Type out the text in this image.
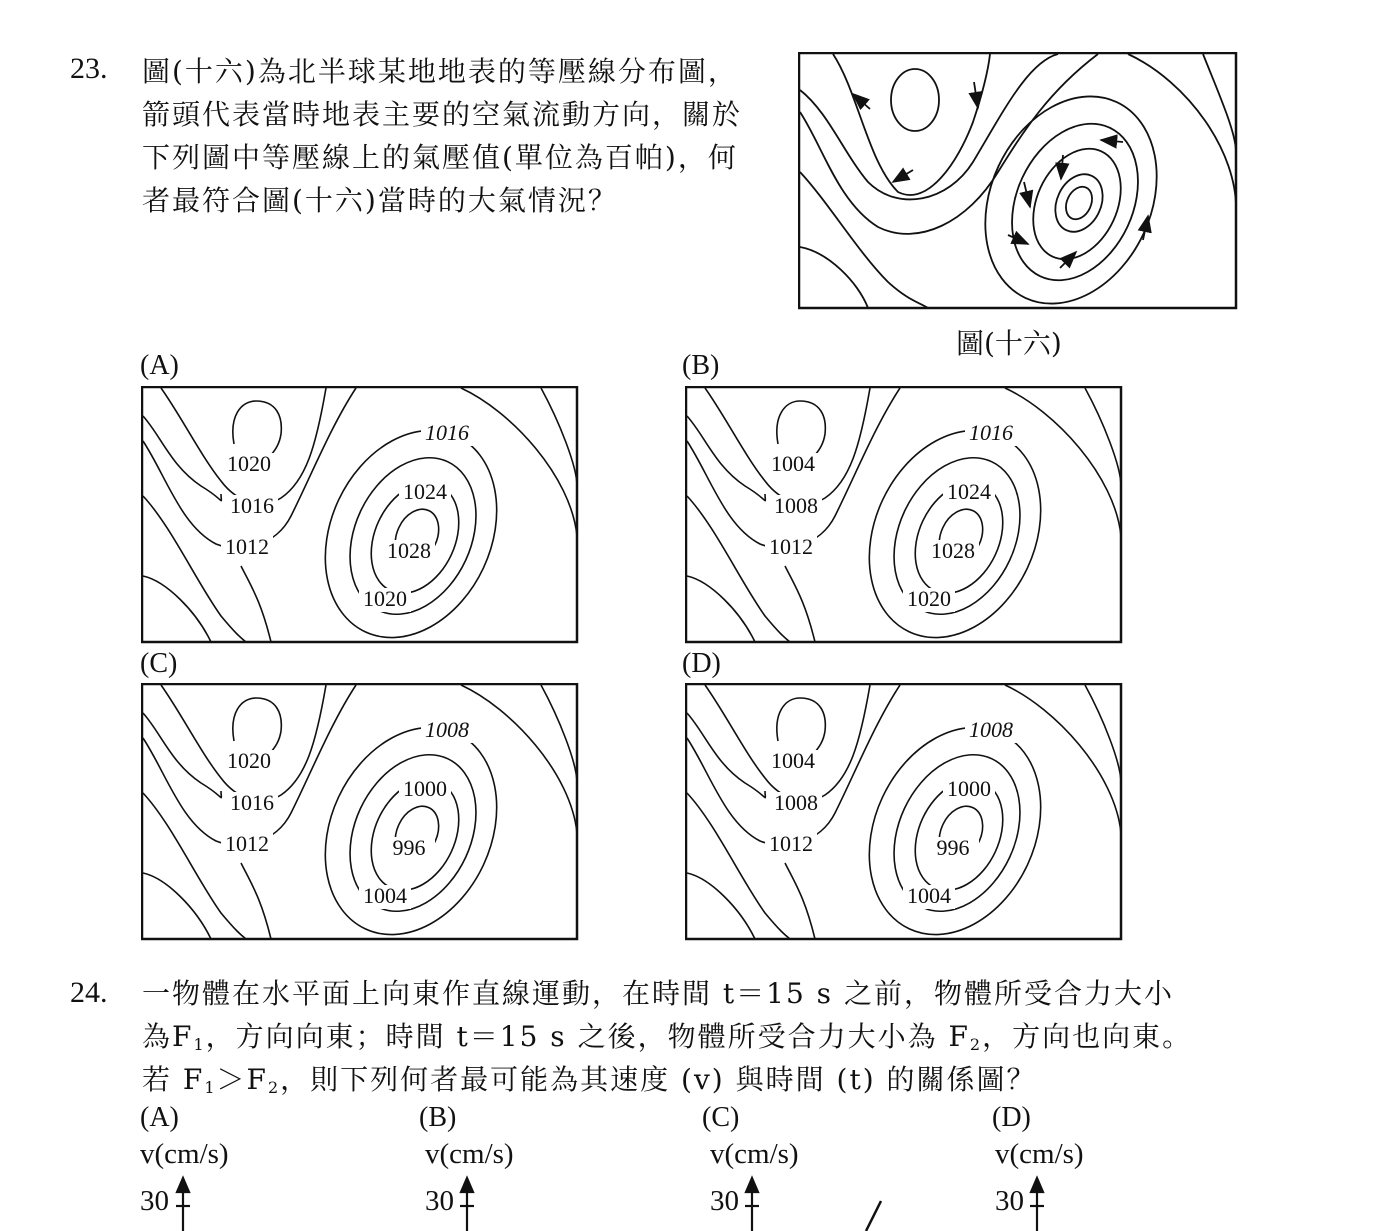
23. 圖(十六)為北半球某地地表的等壓線分布圖，
箭頭代表當時地表主要的空氣流動方向，關於
下列圖中等壓線上的氣壓值(單位為百帕)，何
者最符合圖(十六)當時的大氣情況？
圖(十六)
(A)	(B)
(C)	(D)
1020
1016
1012
1016
1024
1028
1020
1004
1008
1012
1016
1024
1028
1020
1020
1016
1012
1008
1000
996
1004
1004
1008
1012
1008
1000
996
1004
24. 一物體在水平面上向東作直線運動，在時間 t＝15 s 之前，物體所受合力大小
為$F_1$，方向向東；時間 t＝15 s 之後，物體所受合力大小為 $F_2$，方向也向東。
若 $F_1>F_2$，則下列何者最可能為其速度 (v) 與時間 (t) 的關係圖？
(A)	(B)	(C)	(D)
v(cm/s)	v(cm/s)	v(cm/s)	v(cm/s)
30	30	30	30
